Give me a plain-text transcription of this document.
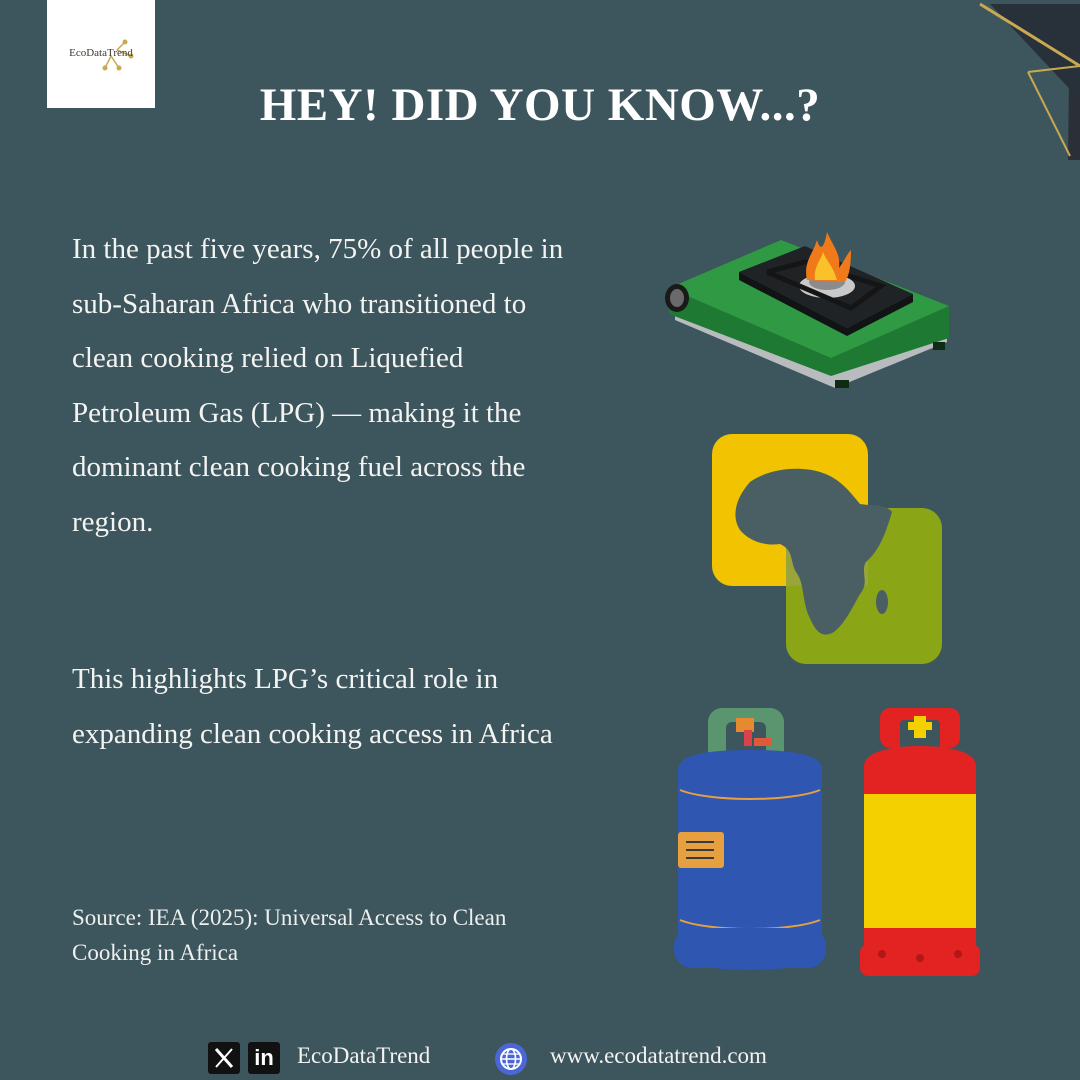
EcoDataTrend
HEY! DID YOU KNOW...?
In the past five years, 75% of all people in sub-Saharan Africa who transitioned to clean cooking relied on Liquefied Petroleum Gas (LPG) — making it the dominant clean cooking fuel across the region.
This highlights LPG’s critical role in expanding clean cooking access in Africa
Source: IEA (2025): Universal Access to Clean Cooking in Africa
in EcoDataTrend	www.ecodatatrend.com
